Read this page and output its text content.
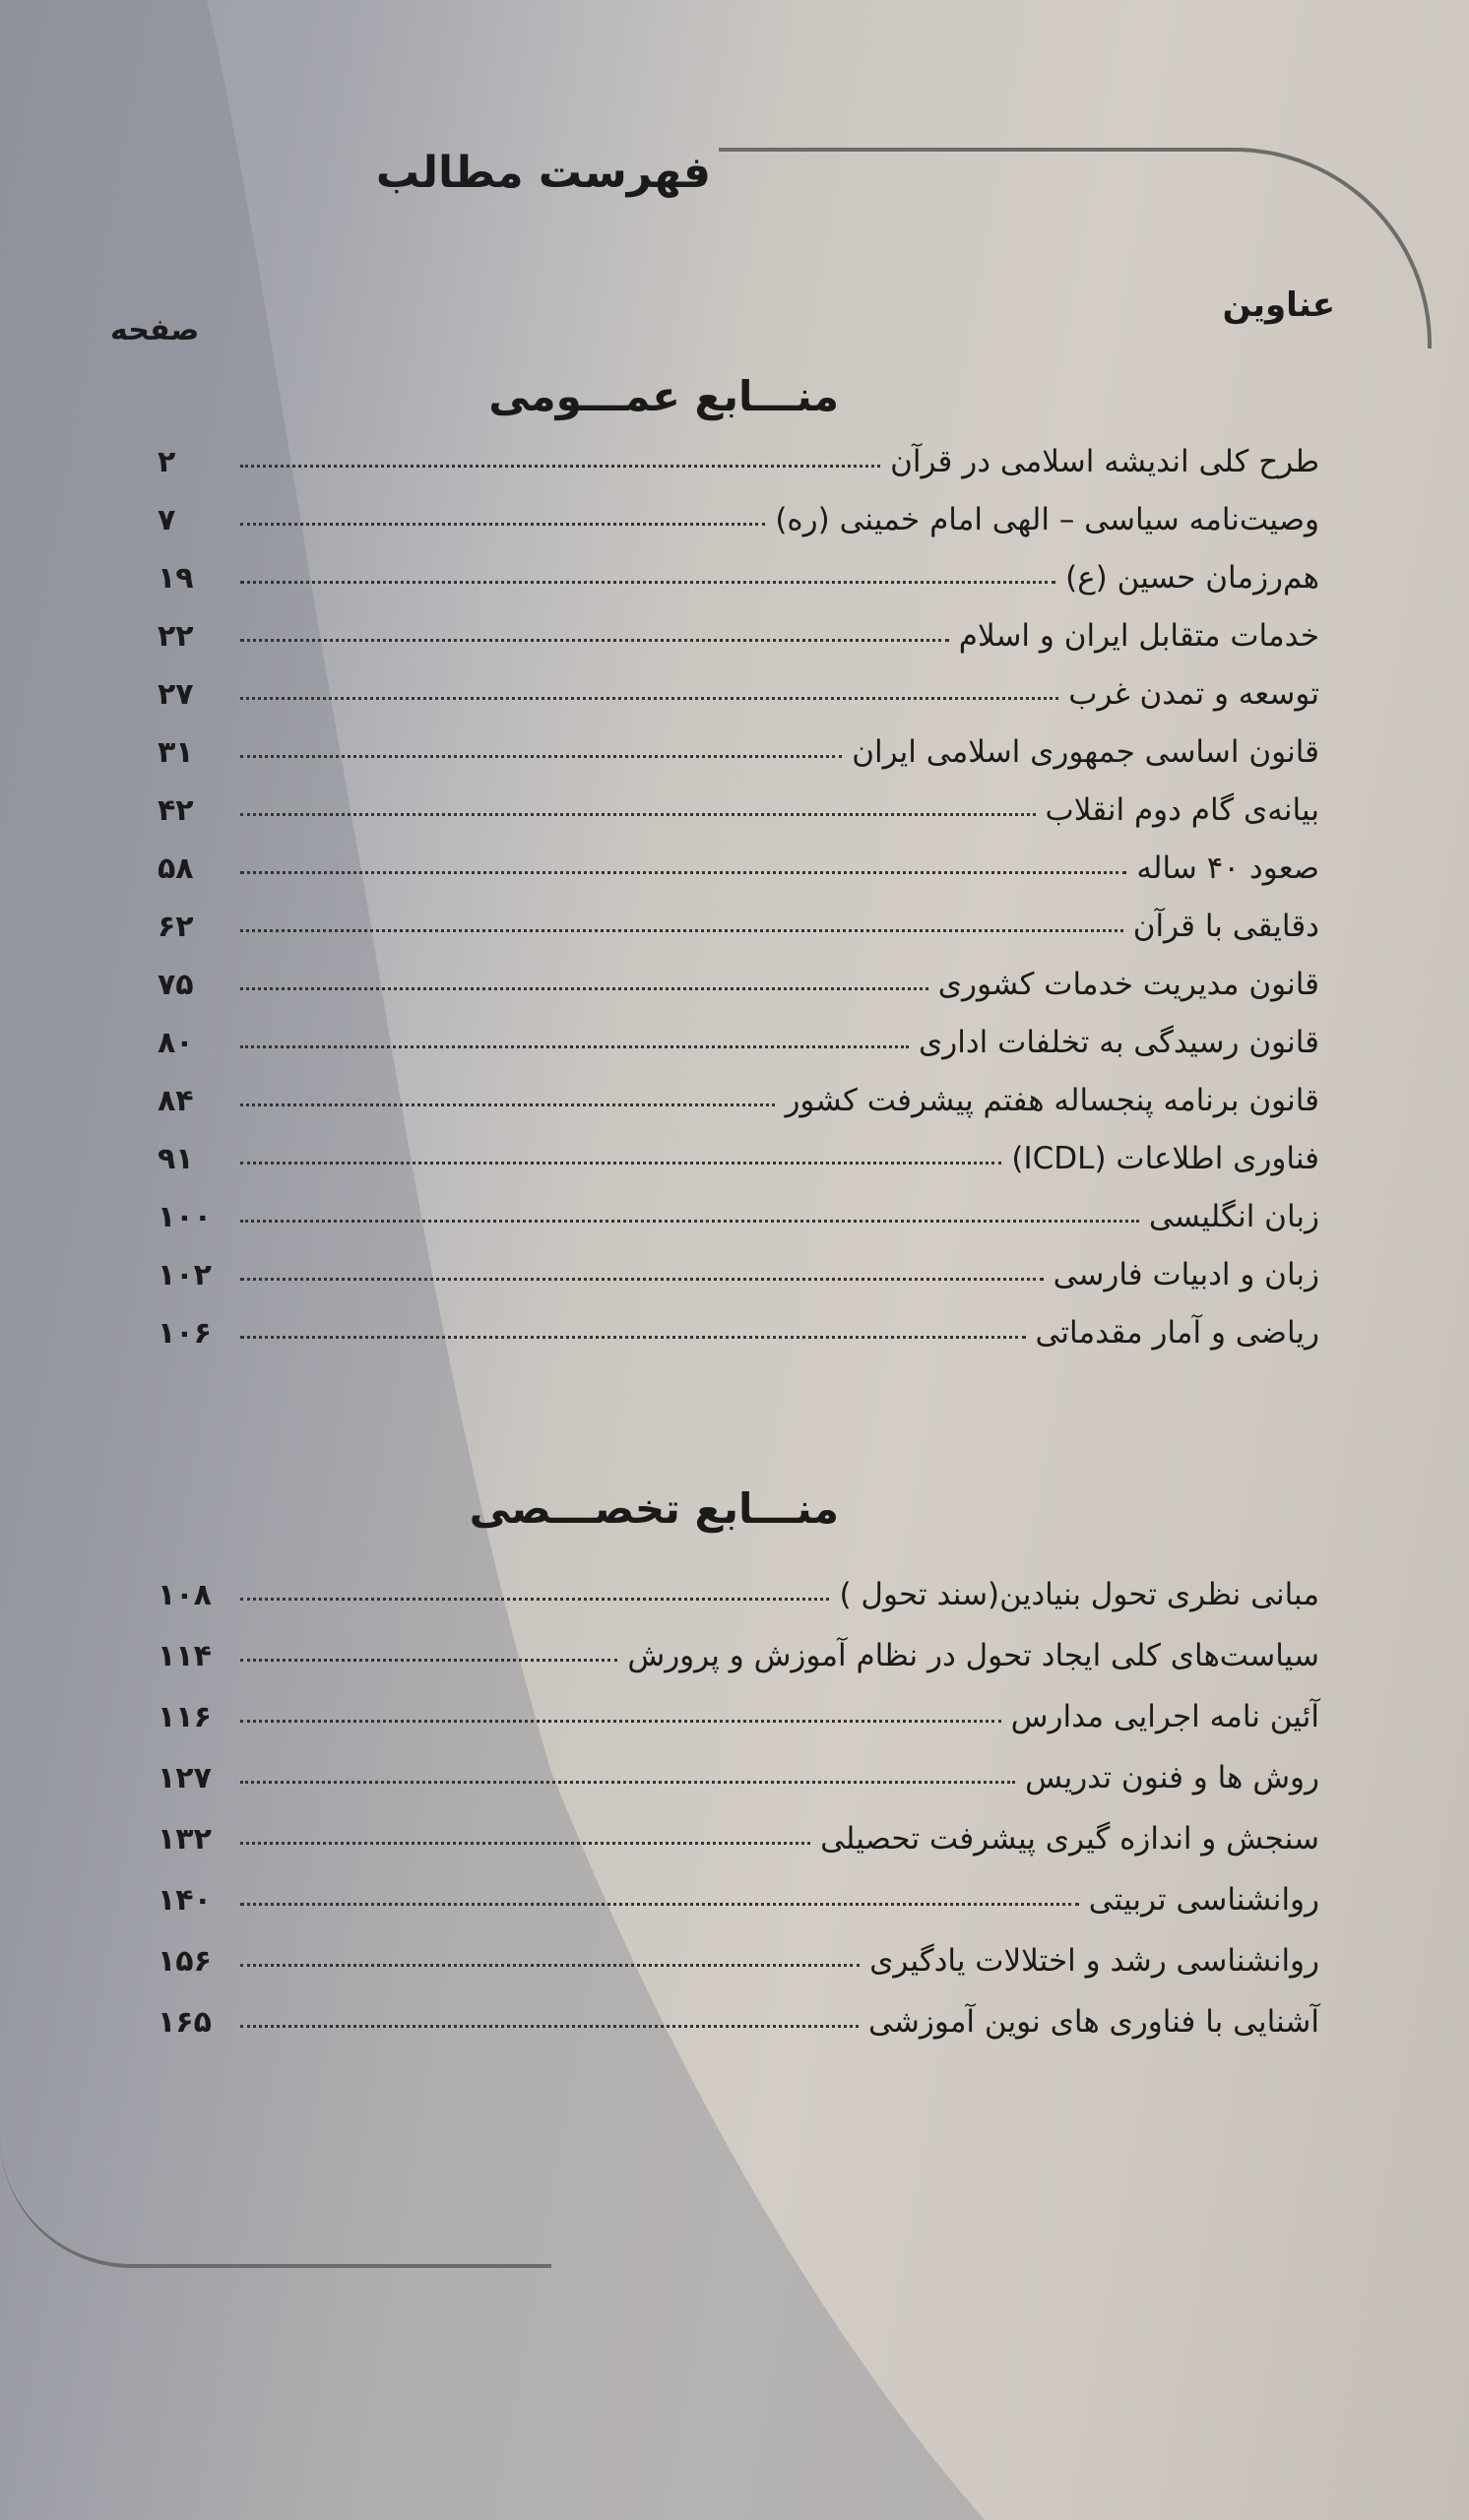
فهرست مطالب
عناوین
صفحه
منـــابع عمـــومی
طرح کلی اندیشه اسلامی در قرآن
۲
وصیت‌نامه سیاسی – الهی امام خمینی (ره)
۷
هم‌رزمان حسین (ع)
۱۹
خدمات متقابل ایران و اسلام
۲۲
توسعه و تمدن غرب
۲۷
قانون اساسی جمهوری اسلامی ایران
۳۱
بیانه‌ی گام دوم انقلاب
۴۲
صعود ۴۰ ساله
۵۸
دقایقی با قرآن
۶۲
قانون مدیریت خدمات کشوری
۷۵
قانون رسیدگی به تخلفات اداری
۸۰
قانون برنامه پنجساله هفتم پیشرفت کشور
۸۴
فناوری اطلاعات (ICDL)
۹۱
زبان انگلیسی
۱۰۰
زبان و ادبیات فارسی
۱۰۲
ریاضی و آمار مقدماتی
۱۰۶
منـــابع تخصـــصی
مبانی نظری تحول بنیادین(سند تحول )
۱۰۸
سیاست‌های کلی ایجاد تحول در نظام آموزش و پرورش
۱۱۴
آئین نامه اجرایی مدارس
۱۱۶
روش ها و فنون تدریس
۱۲۷
سنجش و اندازه گیری پیشرفت تحصیلی
۱۳۲
روانشناسی تربیتی
۱۴۰
روانشناسی رشد و اختلالات یادگیری
۱۵۶
آشنایی با فناوری های نوین آموزشی
۱۶۵
